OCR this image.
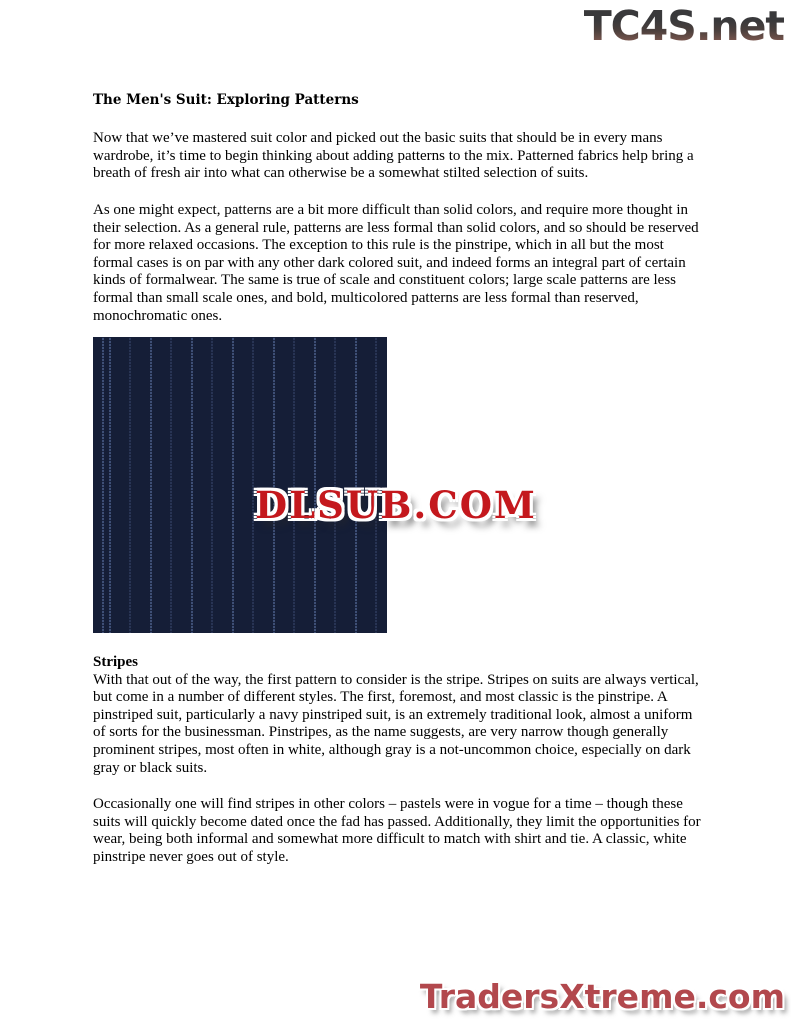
TC4S.net
The Men's Suit: Exploring Patterns

Now that we’ve mastered suit color and picked out the basic suits that should be in every mans wardrobe, it’s time to begin thinking about adding patterns to the mix. Patterned fabrics help bring a breath of fresh air into what can otherwise be a somewhat stilted selection of suits.

As one might expect, patterns are a bit more difficult than solid colors, and require more thought in their selection. As a general rule, patterns are less formal than solid colors, and so should be reserved for more relaxed occasions. The exception to this rule is the pinstripe, which in all but the most formal cases is on par with any other dark colored suit, and indeed forms an integral part of certain kinds of formalwear. The same is true of scale and constituent colors; large scale patterns are less formal than small scale ones, and bold, multicolored patterns are less formal than reserved, monochromatic ones.

DLSUB.COM
Stripes

With that out of the way, the first pattern to consider is the stripe. Stripes on suits are always vertical, but come in a number of different styles. The first, foremost, and most classic is the pinstripe. A pinstriped suit, particularly a navy pinstriped suit, is an extremely traditional look, almost a uniform of sorts for the businessman. Pinstripes, as the name suggests, are very narrow though generally prominent stripes, most often in white, although gray is a not-uncommon choice, especially on dark gray or black suits.

Occasionally one will find stripes in other colors – pastels were in vogue for a time – though these suits will quickly become dated once the fad has passed. Additionally, they limit the opportunities for wear, being both informal and somewhat more difficult to match with shirt and tie. A classic, white pinstripe never goes out of style.

TradersXtreme.com
